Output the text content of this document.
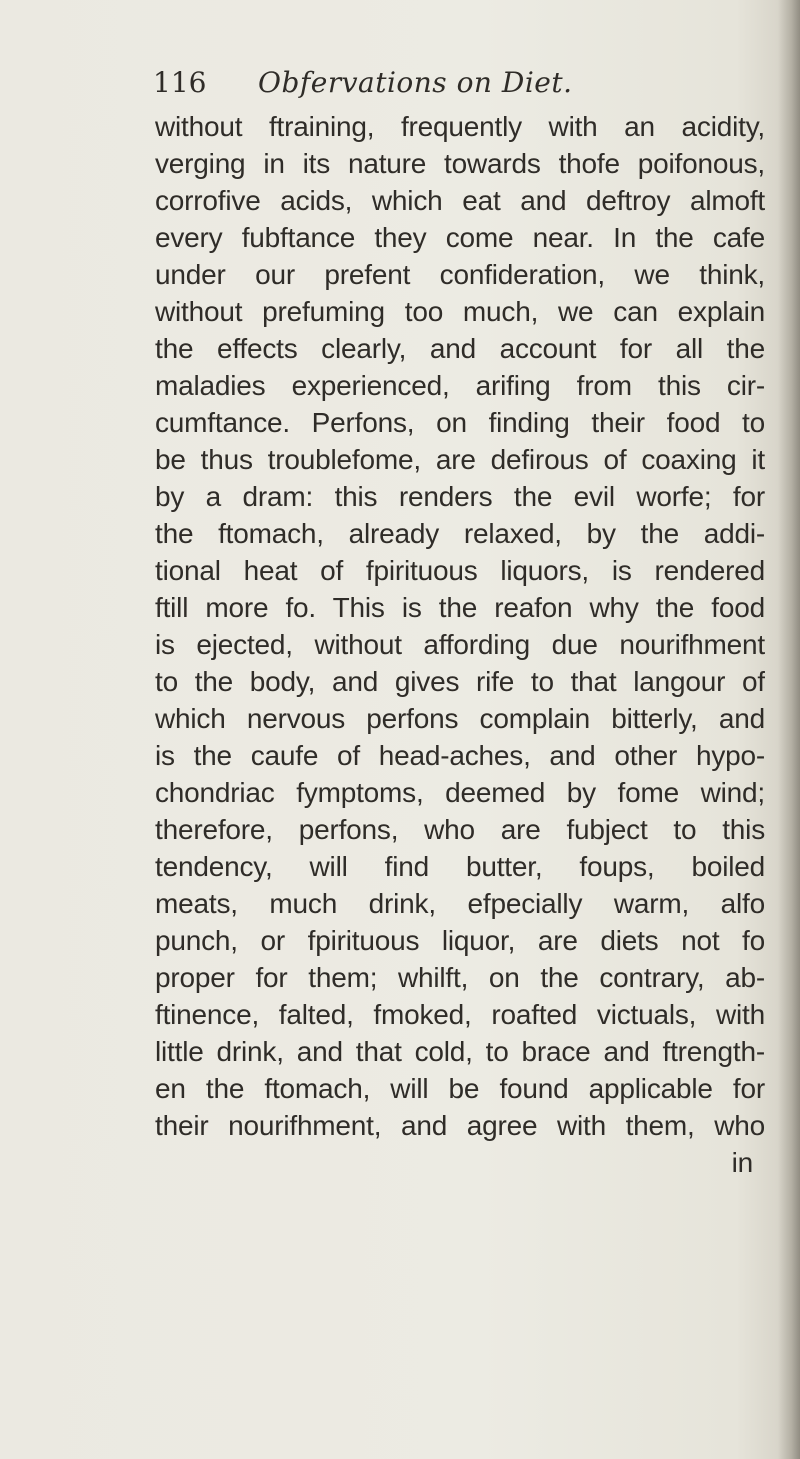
116 Obfervations on Diet.
without ftraining, frequently with an acidity,
verging in its nature towards thofe poifonous,
corrofive acids, which eat and deftroy almoft
every fubftance they come near. In the cafe
under our prefent confideration, we think,
without prefuming too much, we can explain
the effects clearly, and account for all the
maladies experienced, arifing from this cir-
cumftance. Perfons, on finding their food to
be thus troublefome, are defirous of coaxing it
by a dram: this renders the evil worfe; for
the ftomach, already relaxed, by the addi-
tional heat of fpirituous liquors, is rendered
ftill more fo. This is the reafon why the food
is ejected, without affording due nourifhment
to the body, and gives rife to that langour of
which nervous perfons complain bitterly, and
is the caufe of head-aches, and other hypo-
chondriac fymptoms, deemed by fome wind;
therefore, perfons, who are fubject to this
tendency, will find butter, foups, boiled
meats, much drink, efpecially warm, alfo
punch, or fpirituous liquor, are diets not fo
proper for them; whilft, on the contrary, ab-
ftinence, falted, fmoked, roafted victuals, with
little drink, and that cold, to brace and ftrength-
en the ftomach, will be found applicable for
their nourifhment, and agree with them, who
in
